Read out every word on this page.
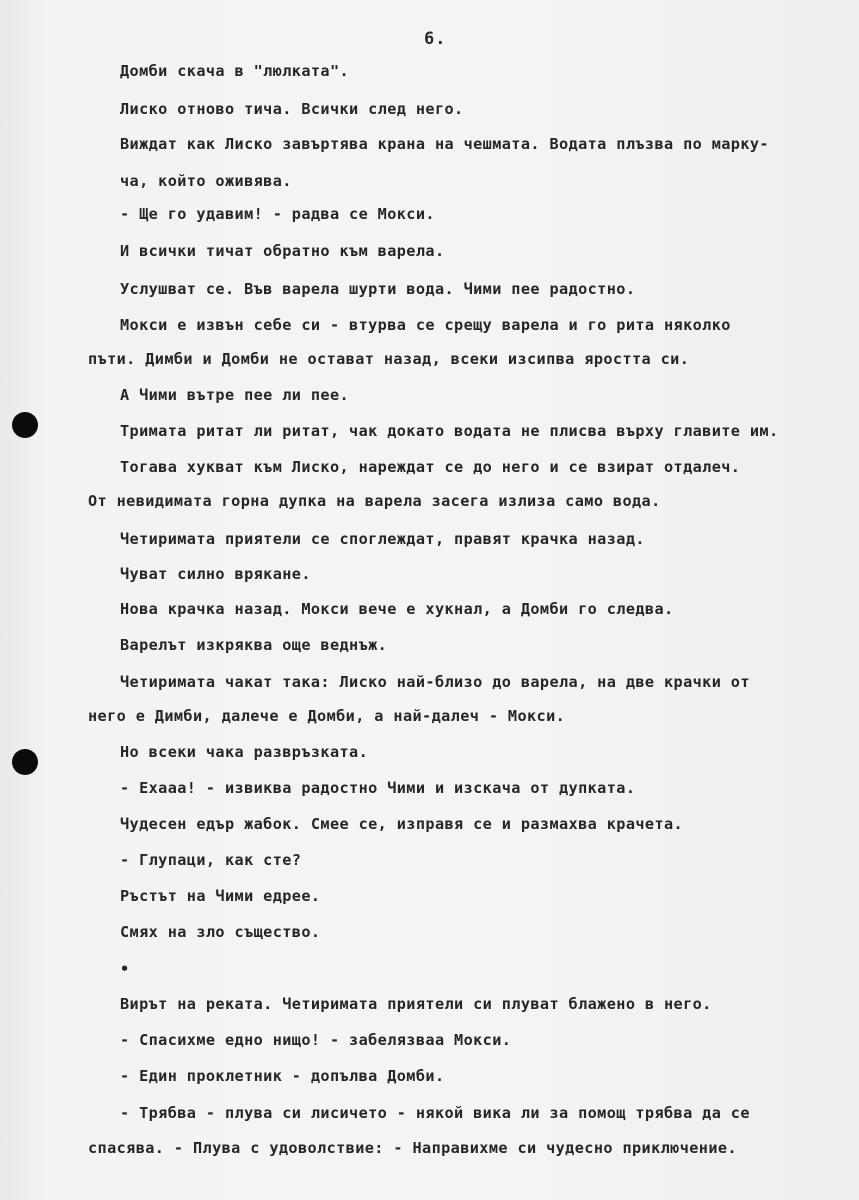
6.
Домби скача в "люлката".
Лиско отново тича. Всички след него.
Виждат как Лиско завъртява крана на чешмата. Водата плъзва по марку-
ча, който оживява.
- Ще го удавим! - радва се Мокси.
И всички тичат обратно към варела.
Услушват се. Във варела шурти вода. Чими пее радостно.
Мокси е извън себе си - втурва се срещу варела и го рита няколко
пъти. Димби и Домби не остават назад, всеки изсипва яростта си.
А Чими вътре пее ли пее.
Тримата ритат ли ритат, чак докато водата не плисва върху главите им.
Тогава хукват към Лиско, нареждат се до него и се взират отдалеч.
От невидимата горна дупка на варела засега излиза само вода.
Четиримата приятели се споглеждат, правят крачка назад.
Чуват силно врякане.
Нова крачка назад. Мокси вече е хукнал, а Домби го следва.
Варелът изкряква още веднъж.
Четиримата чакат така: Лиско най-близо до варела, на две крачки от
него е Димби, далече е Домби, а най-далеч - Мокси.
Но всеки чака развръзката.
- Ехааа! - извиква радостно Чими и изскача от дупката.
Чудесен едър жабок. Смее се, изправя се и размахва крачета.
- Глупаци, как сте?
Ръстът на Чими едрее.
Смях на зло същество.
•
Вирът на реката. Четиримата приятели си плуват блажено в него.
- Спасихме едно нищо! - забелязваа Мокси.
- Един проклетник - допълва Домби.
- Трябва - плува си лисичето - някой вика ли за помощ трябва да се
спасява. - Плува с удоволствие: - Направихме си чудесно приключение.
